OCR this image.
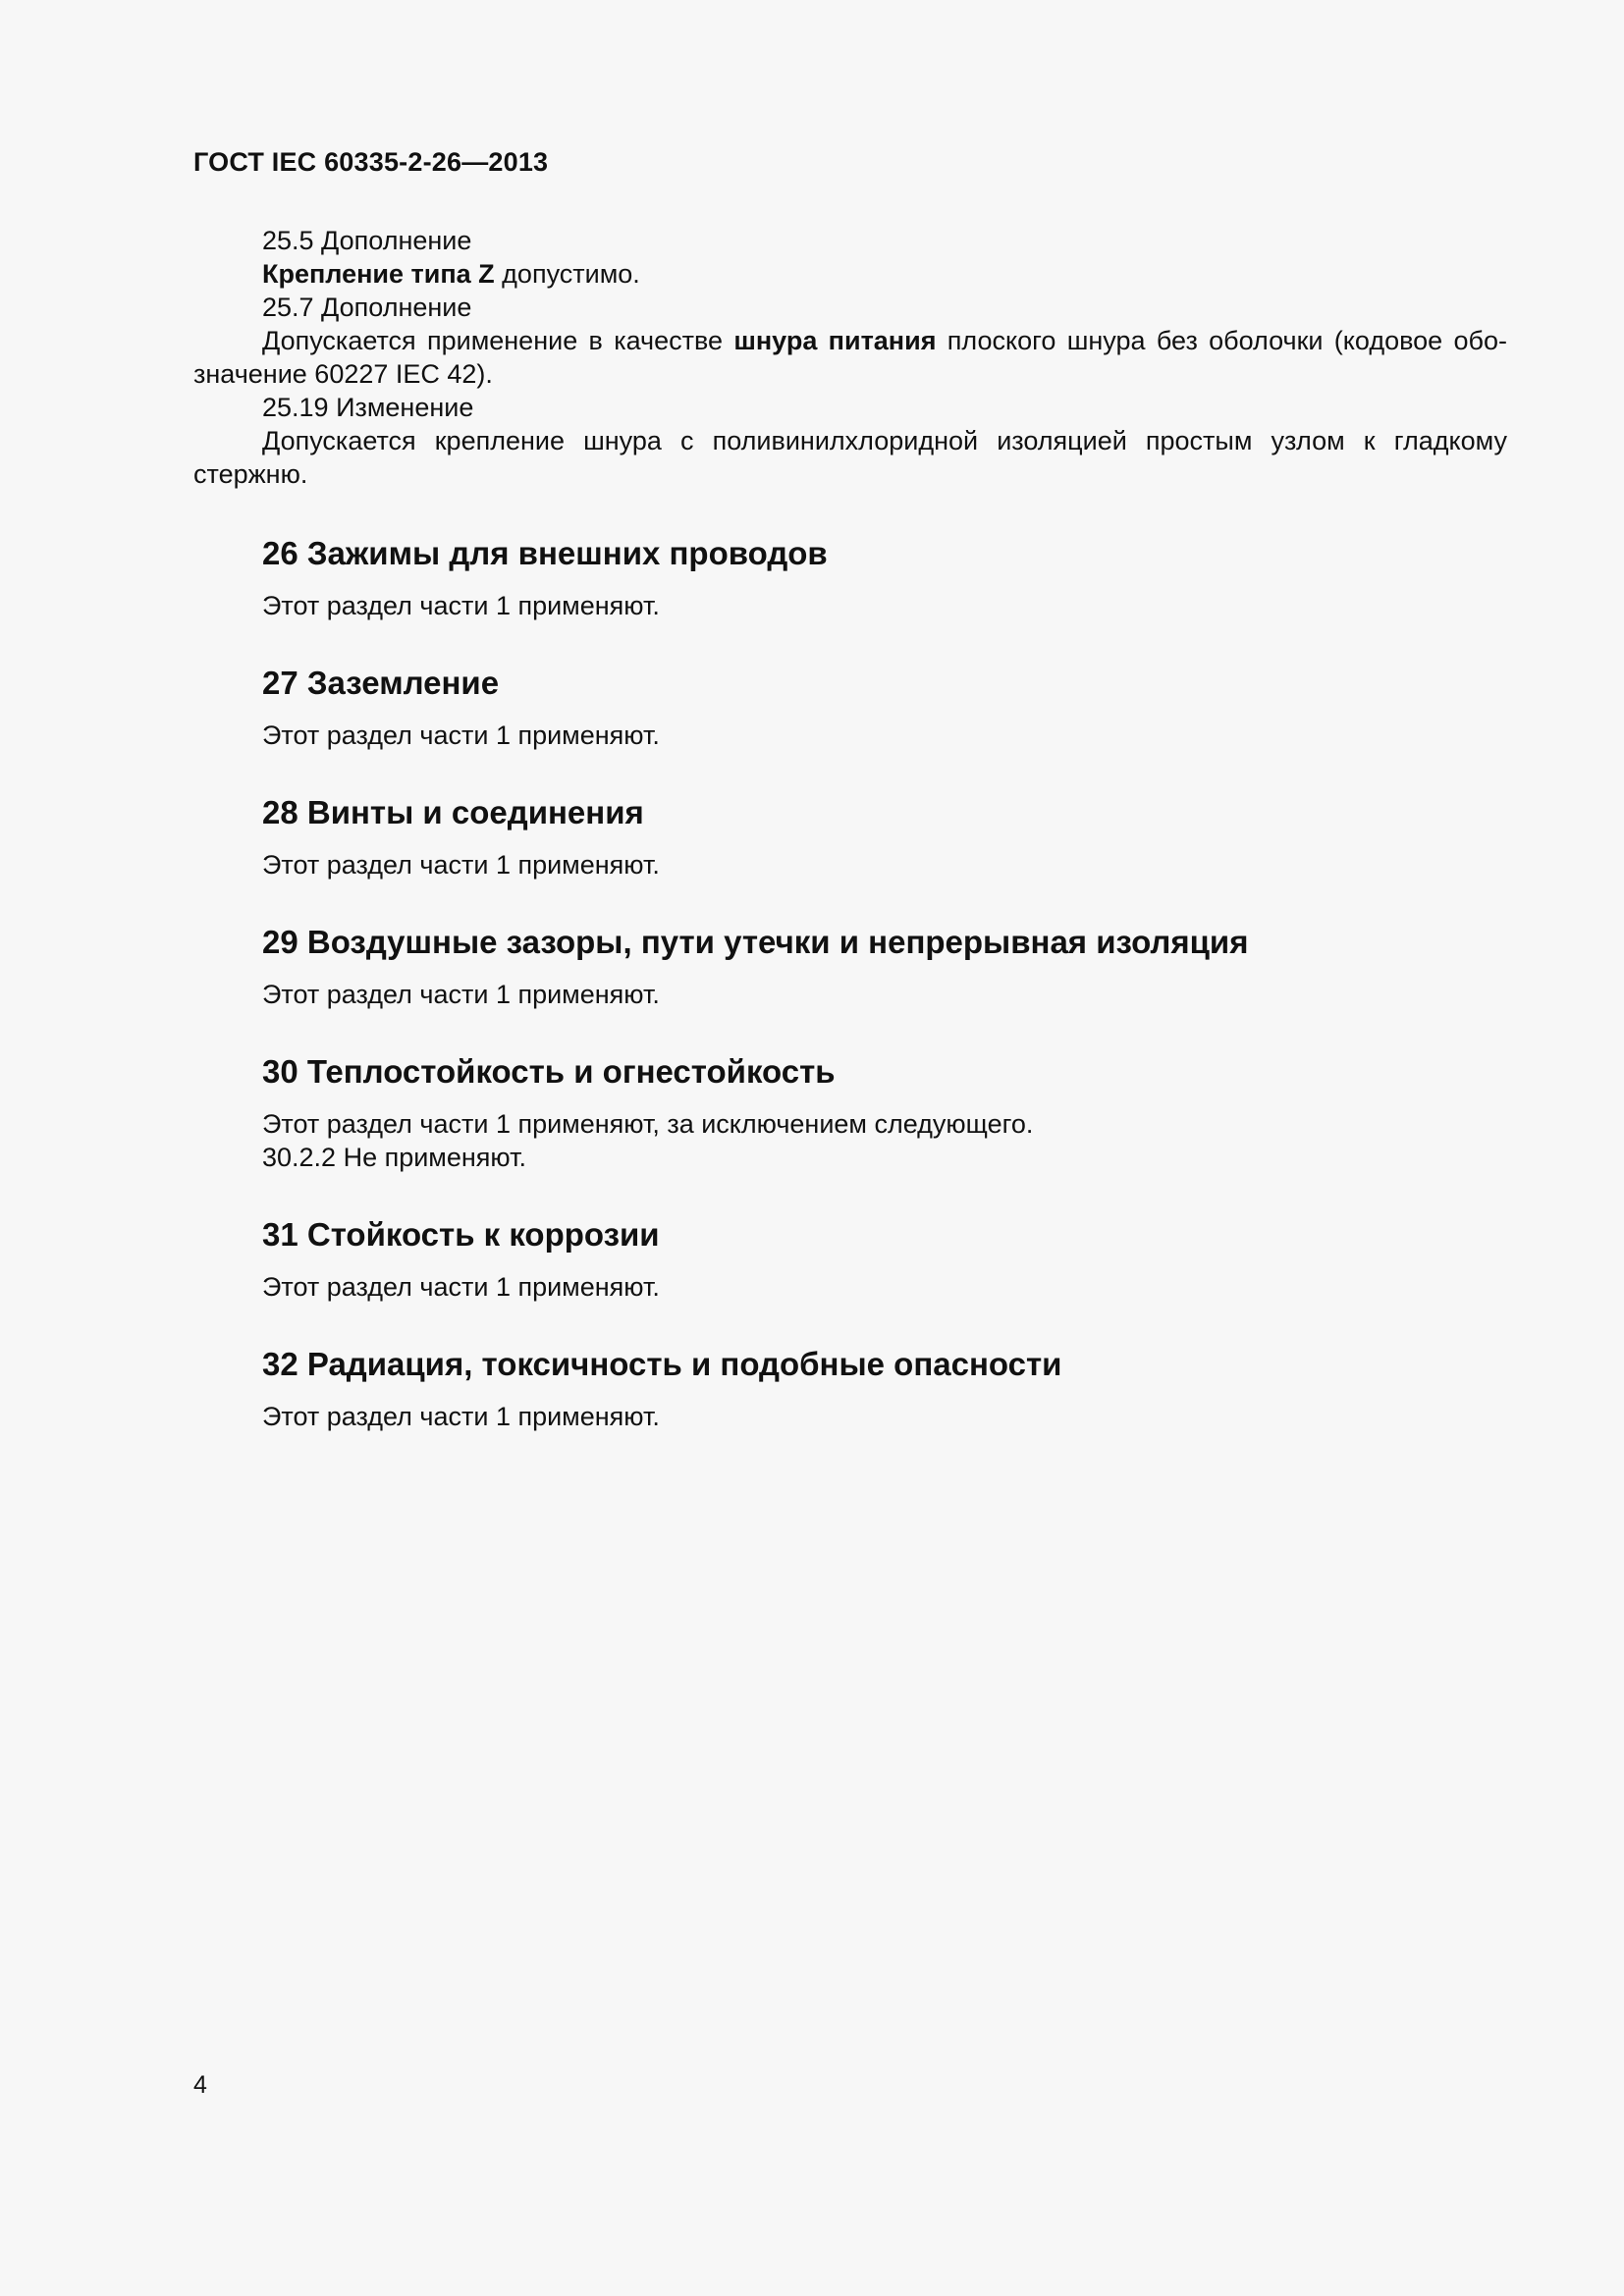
ГОСТ IEC 60335-2-26—2013

25.5 Дополнение

Крепление типа Z допустимо.

25.7 Дополнение

Допускается применение в качестве шнура питания плоского шнура без оболочки (кодовое обо-значение 60227 IEC 42).

25.19 Изменение

Допускается крепление шнура с поливинилхлоридной изоляцией простым узлом к гладкому стержню.

26 Зажимы для внешних проводов

Этот раздел части 1 применяют.

27 Заземление

Этот раздел части 1 применяют.

28 Винты и соединения

Этот раздел части 1 применяют.

29 Воздушные зазоры, пути утечки и непрерывная изоляция

Этот раздел части 1 применяют.

30 Теплостойкость и огнестойкость

Этот раздел части 1 применяют, за исключением следующего.

30.2.2 Не применяют.

31 Стойкость к коррозии

Этот раздел части 1 применяют.

32 Радиация, токсичность и подобные опасности

Этот раздел части 1 применяют.

4
